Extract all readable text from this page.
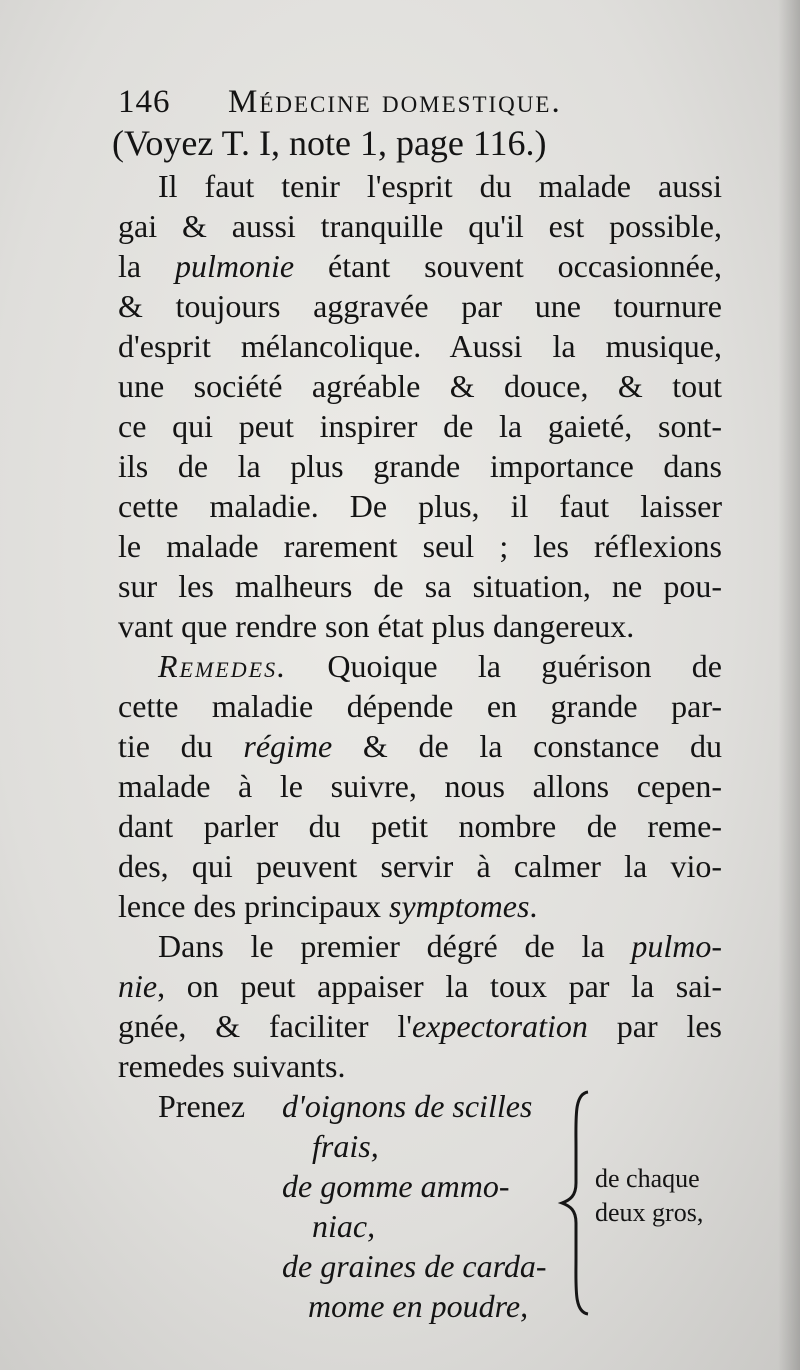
146 Médecine domestique.
(Voyez T. I, note 1, page 116.)
Il faut tenir l'esprit du malade aussi
gai & aussi tranquille qu'il est possible,
la pulmonie étant souvent occasionnée,
& toujours aggravée par une tournure
d'esprit mélancolique. Aussi la musique,
une société agréable & douce, & tout
ce qui peut inspirer de la gaieté, sont-
ils de la plus grande importance dans
cette maladie. De plus, il faut laisser
le malade rarement seul ; les réflexions
sur les malheurs de sa situation, ne pou-
vant que rendre son état plus dangereux.
Remedes. Quoique la guérison de
cette maladie dépende en grande par-
tie du régime & de la constance du
malade à le suivre, nous allons cepen-
dant parler du petit nombre de reme-
des, qui peuvent servir à calmer la vio-
lence des principaux symptomes.
Dans le premier dégré de la pulmo-
nie, on peut appaiser la toux par la sai-
gnée, & faciliter l'expectoration par les
remedes suivants.
Prenez d'oignons de scilles
frais,
de gomme ammo-
niac,
de graines de carda-
mome en poudre,
de chaque
deux gros,
